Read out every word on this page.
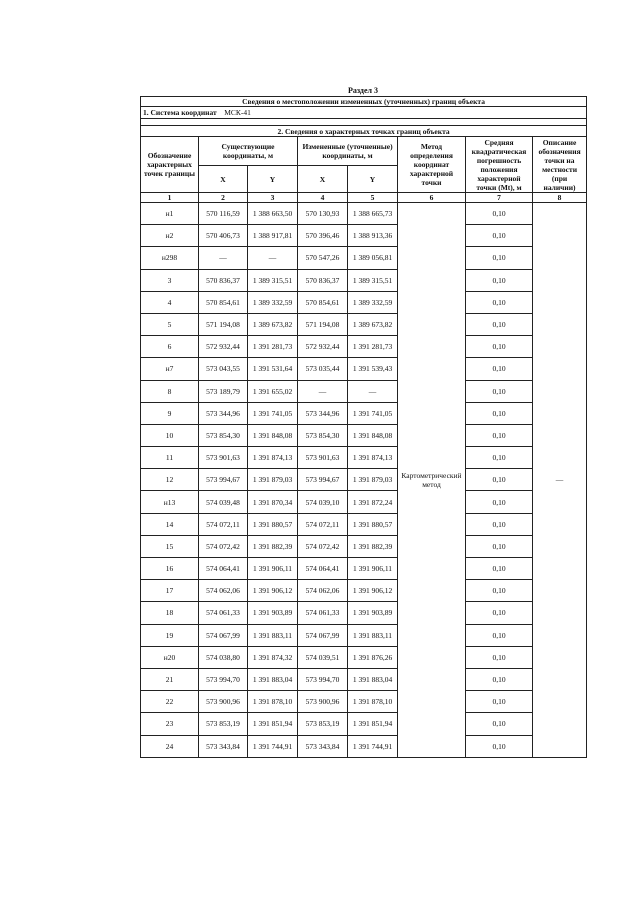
Раздел 3
Сведения о местоположении измененных (уточненных) границ объекта							
1. Система координат МСК-41							

2. Сведения о характерных точках границ объекта							
Обозначение характерных точек границы	Существующие координаты, м		Измененные (уточненные) координаты, м		Метод определения координат характерной точки	Средняя квадратическая погрешность положения характерной точки (Mt), м	Описание обозначения точки на местности (при наличии)
	X	Y	X	Y			
1	2	3	4	5	6	7	8
н1	570 116,59	1 388 663,50	570 130,93	1 388 665,73	Картометрический метод	0,10	—
н2	570 406,73	1 388 917,81	570 396,46	1 388 913,36		0,10	
н298	—	—	570 547,26	1 389 056,81		0,10	
3	570 836,37	1 389 315,51	570 836,37	1 389 315,51		0,10	
4	570 854,61	1 389 332,59	570 854,61	1 389 332,59		0,10	
5	571 194,08	1 389 673,82	571 194,08	1 389 673,82		0,10	
6	572 932,44	1 391 281,73	572 932,44	1 391 281,73		0,10	
н7	573 043,55	1 391 531,64	573 035,44	1 391 539,43		0,10	
8	573 189,79	1 391 655,02	—	—		0,10	
9	573 344,96	1 391 741,05	573 344,96	1 391 741,05		0,10	
10	573 854,30	1 391 848,08	573 854,30	1 391 848,08		0,10	
11	573 901,63	1 391 874,13	573 901,63	1 391 874,13		0,10	
12	573 994,67	1 391 879,03	573 994,67	1 391 879,03		0,10	
н13	574 039,48	1 391 870,34	574 039,10	1 391 872,24		0,10	
14	574 072,11	1 391 880,57	574 072,11	1 391 880,57		0,10	
15	574 072,42	1 391 882,39	574 072,42	1 391 882,39		0,10	
16	574 064,41	1 391 906,11	574 064,41	1 391 906,11		0,10	
17	574 062,06	1 391 906,12	574 062,06	1 391 906,12		0,10	
18	574 061,33	1 391 903,89	574 061,33	1 391 903,89		0,10	
19	574 067,99	1 391 883,11	574 067,99	1 391 883,11		0,10	
н20	574 038,80	1 391 874,32	574 039,51	1 391 876,26		0,10	
21	573 994,70	1 391 883,04	573 994,70	1 391 883,04		0,10	
22	573 900,96	1 391 878,10	573 900,96	1 391 878,10		0,10	
23	573 853,19	1 391 851,94	573 853,19	1 391 851,94		0,10	
24	573 343,84	1 391 744,91	573 343,84	1 391 744,91		0,10	
